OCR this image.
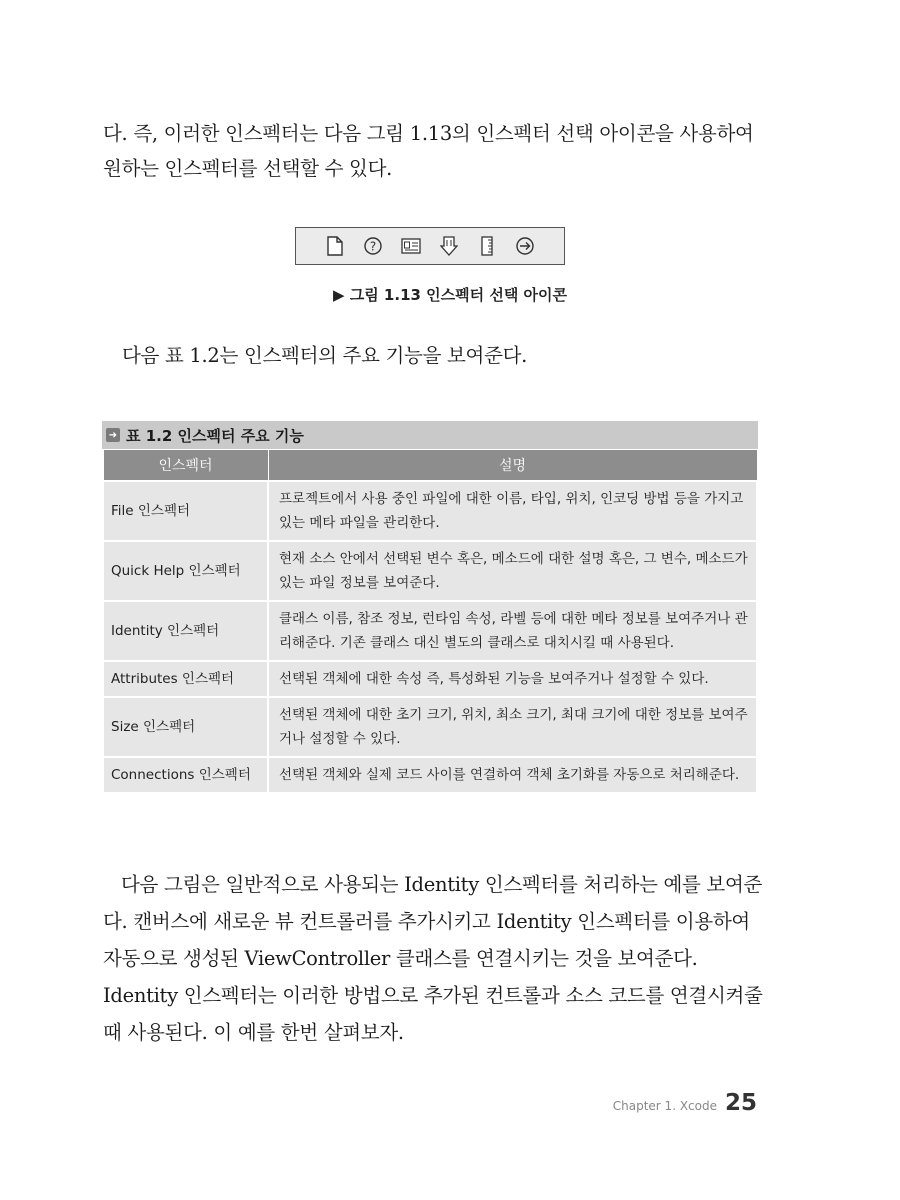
다. 즉, 이러한 인스펙터는 다음 그림 1.13의 인스펙터 선택 아이콘을 사용하여 원하는 인스펙터를 선택할 수 있다.

?
▶ 그림 1.13 인스펙터 선택 아이콘

다음 표 1.2는 인스펙터의 주요 기능을 보여준다.

➜ 표 1.2 인스펙터 주요 기능
인스펙터	설명
File 인스펙터	프로젝트에서 사용 중인 파일에 대한 이름, 타입, 위치, 인코딩 방법 등을 가지고 있는 메타 파일을 관리한다.
Quick Help 인스펙터	현재 소스 안에서 선택된 변수 혹은, 메소드에 대한 설명 혹은, 그 변수, 메소드가 있는 파일 정보를 보여준다.
Identity 인스펙터	클래스 이름, 참조 정보, 런타임 속성, 라벨 등에 대한 메타 정보를 보여주거나 관리해준다. 기존 클래스 대신 별도의 클래스로 대치시킬 때 사용된다.
Attributes 인스펙터	선택된 객체에 대한 속성 즉, 특성화된 기능을 보여주거나 설정할 수 있다.
Size 인스펙터	선택된 객체에 대한 초기 크기, 위치, 최소 크기, 최대 크기에 대한 정보를 보여주거나 설정할 수 있다.
Connections 인스펙터	선택된 객체와 실제 코드 사이를 연결하여 객체 초기화를 자동으로 처리해준다.

다음 그림은 일반적으로 사용되는 Identity 인스펙터를 처리하는 예를 보여준다. 캔버스에 새로운 뷰 컨트롤러를 추가시키고 Identity 인스펙터를 이용하여 자동으로 생성된 ViewController 클래스를 연결시키는 것을 보여준다. Identity 인스펙터는 이러한 방법으로 추가된 컨트롤과 소스 코드를 연결시켜줄 때 사용된다. 이 예를 한번 살펴보자.

Chapter 1. Xcode 25
